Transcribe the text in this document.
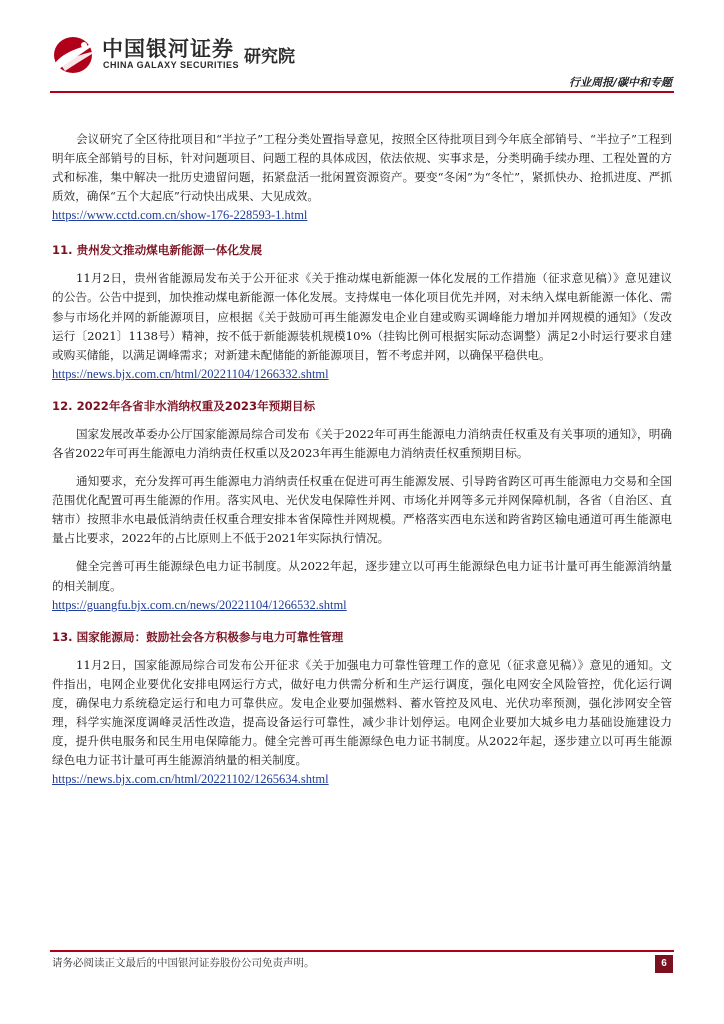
中国银河证券
CHINA GALAXY SECURITIES 研究院
行业周报/碳中和专题

会议研究了全区待批项目和“半拉子”工程分类处置指导意见，按照全区待批项目到今年底全部销号、“半拉子”工程到明年底全部销号的目标，针对问题项目、问题工程的具体成因，依法依规、实事求是，分类明确手续办理、工程处置的方式和标准，集中解决一批历史遗留问题，拓紧盘活一批闲置资源资产。要变“冬闲”为“冬忙”，紧抓快办、抢抓进度、严抓质效，确保“五个大起底”行动快出成果、大见成效。

https://www.cctd.com.cn/show-176-228593-1.html

11. 贵州发文推动煤电新能源一体化发展

11月2日，贵州省能源局发布关于公开征求《关于推动煤电新能源一体化发展的工作措施（征求意见稿）》意见建议的公告。公告中提到，加快推动煤电新能源一体化发展。支持煤电一体化项目优先并网，对未纳入煤电新能源一体化、需参与市场化并网的新能源项目，应根据《关于鼓励可再生能源发电企业自建或购买调峰能力增加并网规模的通知》（发改运行〔2021〕1138号）精神，按不低于新能源装机规模10%（挂钩比例可根据实际动态调整）满足2小时运行要求自建或购买储能，以满足调峰需求；对新建未配储能的新能源项目，暂不考虑并网，以确保平稳供电。

https://news.bjx.com.cn/html/20221104/1266332.shtml

12. 2022年各省非水消纳权重及2023年预期目标

国家发展改革委办公厅国家能源局综合司发布《关于2022年可再生能源电力消纳责任权重及有关事项的通知》，明确各省2022年可再生能源电力消纳责任权重以及2023年再生能源电力消纳责任权重预期目标。

通知要求，充分发挥可再生能源电力消纳责任权重在促进可再生能源发展、引导跨省跨区可再生能源电力交易和全国范围优化配置可再生能源的作用。落实风电、光伏发电保障性并网、市场化并网等多元并网保障机制，各省（自治区、直辖市）按照非水电最低消纳责任权重合理安排本省保障性并网规模。严格落实西电东送和跨省跨区输电通道可再生能源电量占比要求，2022年的占比原则上不低于2021年实际执行情况。

健全完善可再生能源绿色电力证书制度。从2022年起，逐步建立以可再生能源绿色电力证书计量可再生能源消纳量的相关制度。

https://guangfu.bjx.com.cn/news/20221104/1266532.shtml

13. 国家能源局：鼓励社会各方积极参与电力可靠性管理

11月2日，国家能源局综合司发布公开征求《关于加强电力可靠性管理工作的意见（征求意见稿）》意见的通知。文件指出，电网企业要优化安排电网运行方式，做好电力供需分析和生产运行调度，强化电网安全风险管控，优化运行调度，确保电力系统稳定运行和电力可靠供应。发电企业要加强燃料、蓄水管控及风电、光伏功率预测，强化涉网安全管理，科学实施深度调峰灵活性改造，提高设备运行可靠性，减少非计划停运。电网企业要加大城乡电力基础设施建设力度，提升供电服务和民生用电保障能力。健全完善可再生能源绿色电力证书制度。从2022年起，逐步建立以可再生能源绿色电力证书计量可再生能源消纳量的相关制度。

https://news.bjx.com.cn/html/20221102/1265634.shtml
请务必阅读正文最后的中国银河证券股份公司免责声明。	6
